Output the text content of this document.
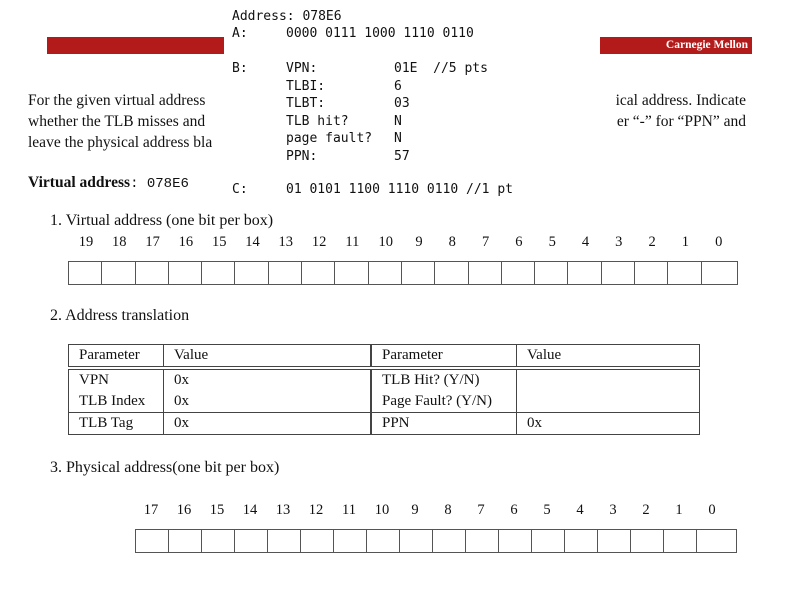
Carnegie Mellon
For the given virtual address	ical address. Indicate
whether the TLB misses and	er “-” for “PPN” and
leave the physical address bla
Virtual address: 078E6
Address: 078E6
A:	0000 0111 1000 1110 0110
B:	VPN:	01E  //5 pts
TLBI:	6
TLBT:	03
TLB hit?	N
page fault? N
PPN:	57
C:	01 0101 1100 1110 0110 //1 pt
1. Virtual address (one bit per box)
19	18	17	16	15	14	13	12	11	10	9	8	7	6	5	4	3	2	1	0
2. Address translation
Parameter	Value	Parameter	Value

VPN	0x	TLB Hit? (Y/N)	
TLB Index	0x	Page Fault? (Y/N)	
TLB Tag	0x	PPN	0x
3. Physical address(one bit per box)
17	16	15	14	13	12	11	10	9	8	7	6	5	4	3	2	1	0
